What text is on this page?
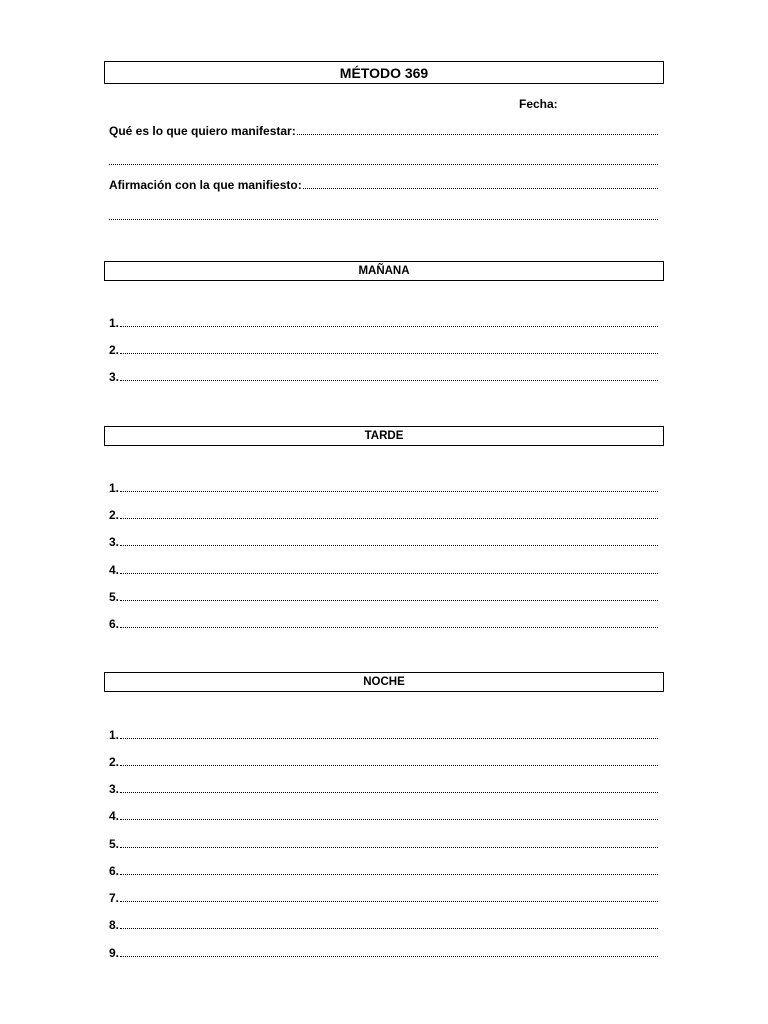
MÉTODO 369
Fecha:
Qué es lo que quiero manifestar:
Afirmación con la que manifiesto:
MAÑANA
1.
2.
3.
TARDE
1.
2.
3.
4.
5.
6.
NOCHE
1.
2.
3.
4.
5.
6.
7.
8.
9.
